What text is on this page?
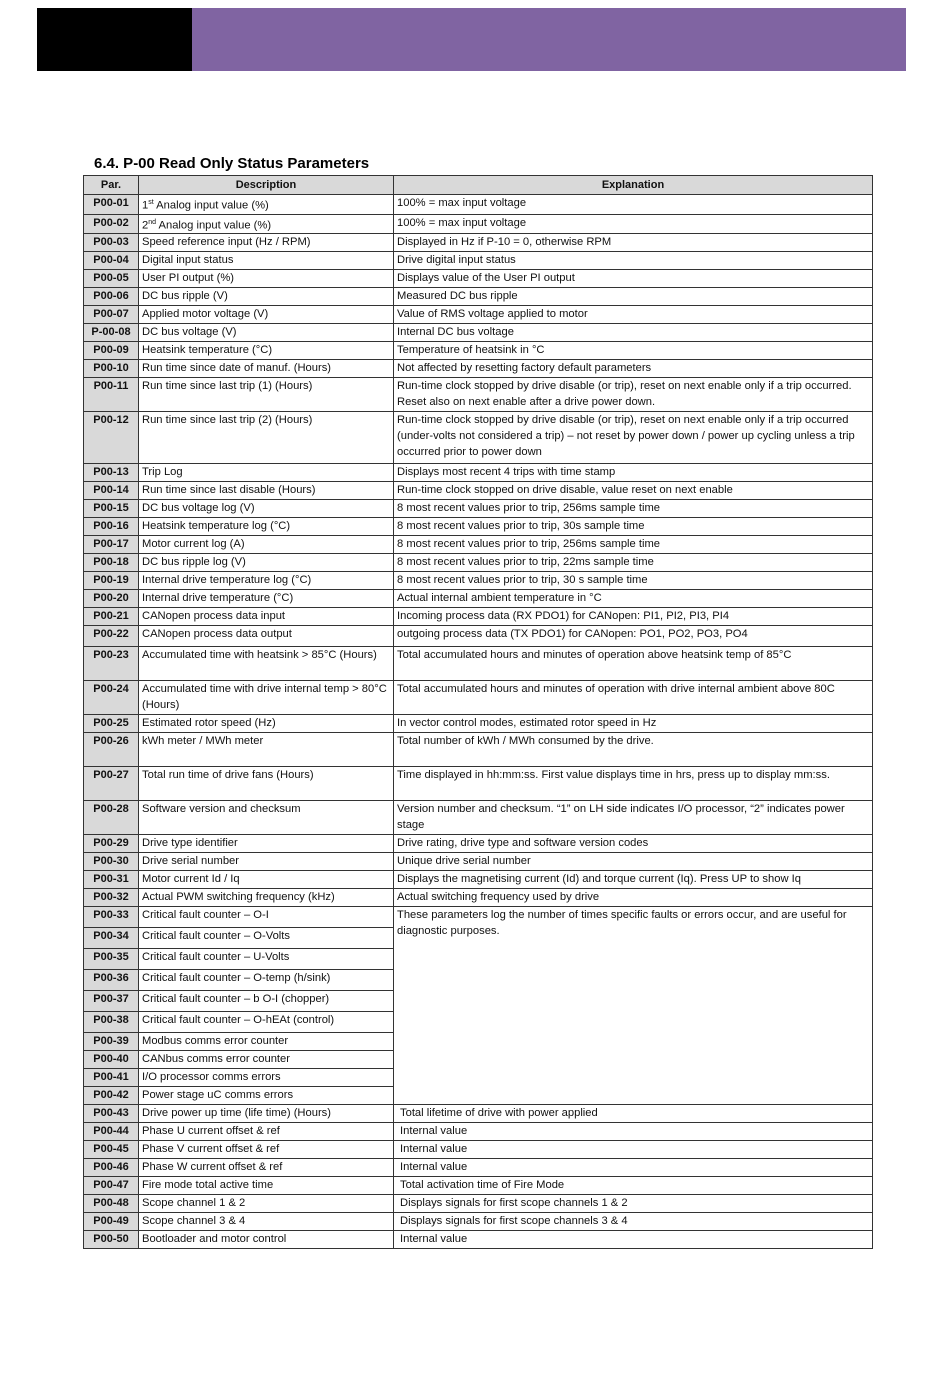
6.4. P-00 Read Only Status Parameters
Par.	Description	Explanation
P00-01	1st Analog input value (%)	100% = max input voltage
P00-02	2nd Analog input value (%)	100% = max input voltage
P00-03	Speed reference input (Hz / RPM)	Displayed in Hz if P-10 = 0, otherwise RPM
P00-04	Digital input status	Drive digital input status
P00-05	User PI output (%)	Displays value of the User PI output
P00-06	DC bus ripple (V)	Measured DC bus ripple
P00-07	Applied motor voltage (V)	Value of RMS voltage applied to motor
P-00-08	DC bus voltage (V)	Internal DC bus voltage
P00-09	Heatsink temperature (°C)	Temperature of heatsink in °C
P00-10	Run time since date of manuf. (Hours)	Not affected by resetting factory default parameters
P00-11	Run time since last trip (1) (Hours)	Run-time clock stopped by drive disable (or trip), reset on next enable only if a trip occurred. Reset also on next enable after a drive power down.
P00-12	Run time since last trip (2) (Hours)	Run-time clock stopped by drive disable (or trip), reset on next enable only if a trip occurred (under-volts not considered a trip) – not reset by power down / power up cycling unless a trip occurred prior to power down
P00-13	Trip Log	Displays most recent 4 trips with time stamp
P00-14	Run time since last disable (Hours)	Run-time clock stopped on drive disable, value reset on next enable
P00-15	DC bus voltage log (V)	8 most recent values prior to trip, 256ms sample time
P00-16	Heatsink temperature log (°C)	8 most recent values prior to trip, 30s sample time
P00-17	Motor current log (A)	8 most recent values prior to trip, 256ms sample time
P00-18	DC bus ripple log (V)	8 most recent values prior to trip, 22ms sample time
P00-19	Internal drive temperature log (°C)	8 most recent values prior to trip, 30 s sample time
P00-20	Internal drive temperature (°C)	Actual internal ambient temperature in °C
P00-21	CANopen process data input	Incoming process data (RX PDO1) for CANopen: PI1, PI2, PI3, PI4
P00-22	CANopen process data output	outgoing process data (TX PDO1) for CANopen: PO1, PO2, PO3, PO4
P00-23	Accumulated time with heatsink > 85°C (Hours)	Total accumulated hours and minutes of operation above heatsink temp of 85°C
P00-24	Accumulated time with drive internal temp > 80°C (Hours)	Total accumulated hours and minutes of operation with drive internal ambient above 80C
P00-25	Estimated rotor speed (Hz)	In vector control modes, estimated rotor speed in Hz
P00-26	kWh meter / MWh meter	Total number of kWh / MWh consumed by the drive.
P00-27	Total run time of drive fans (Hours)	Time displayed in hh:mm:ss. First value displays time in hrs, press up to display mm:ss.
P00-28	Software version and checksum	Version number and checksum. “1” on LH side indicates I/O processor, “2” indicates power stage
P00-29	Drive type identifier	Drive rating, drive type and software version codes
P00-30	Drive serial number	Unique drive serial number
P00-31	Motor current Id / Iq	Displays the magnetising current (Id) and torque current (Iq). Press UP to show Iq
P00-32	Actual PWM switching frequency (kHz)	Actual switching frequency used by drive
P00-33	Critical fault counter – O-I	These parameters log the number of times specific faults or errors occur, and are useful for diagnostic purposes.
P00-34	Critical fault counter – O-Volts	
P00-35	Critical fault counter – U-Volts	
P00-36	Critical fault counter – O-temp (h/sink)	
P00-37	Critical fault counter – b O-I (chopper)	
P00-38	Critical fault counter – O-hEAt (control)	
P00-39	Modbus comms error counter	
P00-40	CANbus comms error counter	
P00-41	I/O processor comms errors	
P00-42	Power stage uC comms errors	
P00-43	Drive power up time (life time) (Hours)	Total lifetime of drive with power applied
P00-44	Phase U current offset & ref	Internal value
P00-45	Phase V current offset & ref	Internal value
P00-46	Phase W current offset & ref	Internal value
P00-47	Fire mode total active time	Total activation time of Fire Mode
P00-48	Scope channel 1 & 2	Displays signals for first scope channels 1 & 2
P00-49	Scope channel 3 & 4	Displays signals for first scope channels 3 & 4
P00-50	Bootloader and motor control	Internal value
